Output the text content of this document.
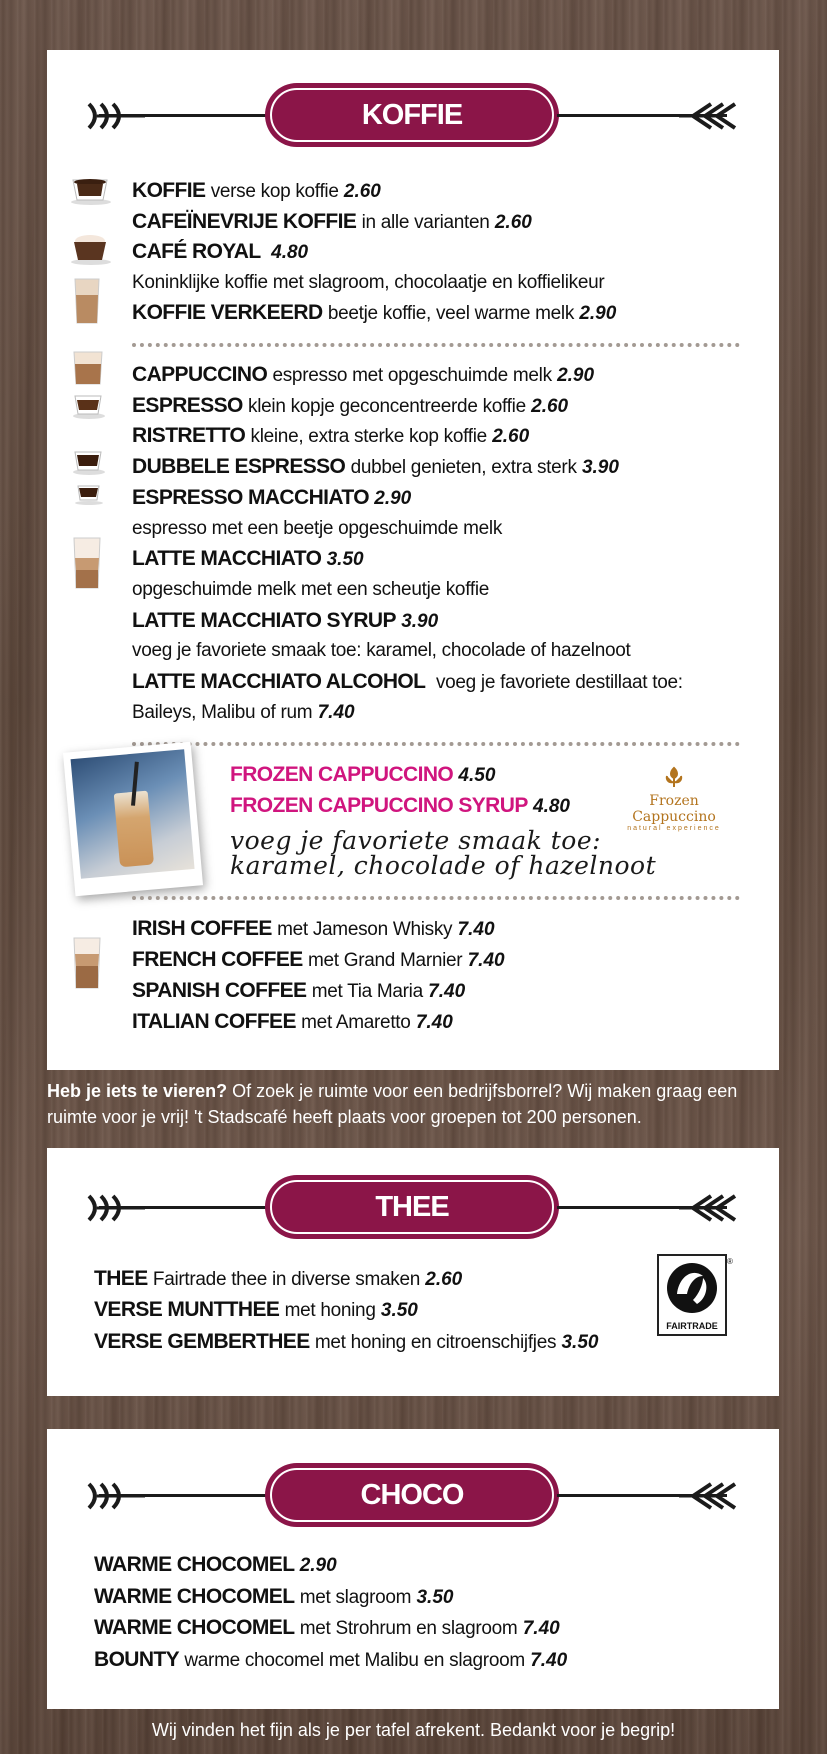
KOFFIE
KOFFIE verse kop koffie 2.60
CAFEÏNEVRIJE KOFFIE in alle varianten 2.60
CAFÉ ROYAL 4.80
Koninklijke koffie met slagroom, chocolaatje en koffielikeur
KOFFIE VERKEERD beetje koffie, veel warme melk 2.90
CAPPUCCINO espresso met opgeschuimde melk 2.90
ESPRESSO klein kopje geconcentreerde koffie 2.60
RISTRETTO kleine, extra sterke kop koffie 2.60
DUBBELE ESPRESSO dubbel genieten, extra sterk 3.90
ESPRESSO MACCHIATO 2.90
espresso met een beetje opgeschuimde melk
LATTE MACCHIATO 3.50
opgeschuimde melk met een scheutje koffie
LATTE MACCHIATO SYRUP 3.90
voeg je favoriete smaak toe: karamel, chocolade of hazelnoot
LATTE MACCHIATO ALCOHOL voeg je favoriete destillaat toe:
Baileys, Malibu of rum 7.40
FROZEN CAPPUCCINO 4.50
FROZEN CAPPUCCINO SYRUP 4.80
voeg je favoriete smaak toe:
karamel, chocolade of hazelnoot
Frozen Cappuccino
natural experience
IRISH COFFEE met Jameson Whisky 7.40
FRENCH COFFEE met Grand Marnier 7.40
SPANISH COFFEE met Tia Maria 7.40
ITALIAN COFFEE met Amaretto 7.40
Heb je iets te vieren? Of zoek je ruimte voor een bedrijfsborrel? Wij maken graag een ruimte voor je vrij! 't Stadscafé heeft plaats voor groepen tot 200 personen.
THEE
THEE Fairtrade thee in diverse smaken 2.60
VERSE MUNTTHEE met honing 3.50
VERSE GEMBERTHEE met honing en citroenschijfjes 3.50
FAIRTRADE
®
CHOCO
WARME CHOCOMEL 2.90
WARME CHOCOMEL met slagroom 3.50
WARME CHOCOMEL met Strohrum en slagroom 7.40
BOUNTY warme chocomel met Malibu en slagroom 7.40
Wij vinden het fijn als je per tafel afrekent. Bedankt voor je begrip!
